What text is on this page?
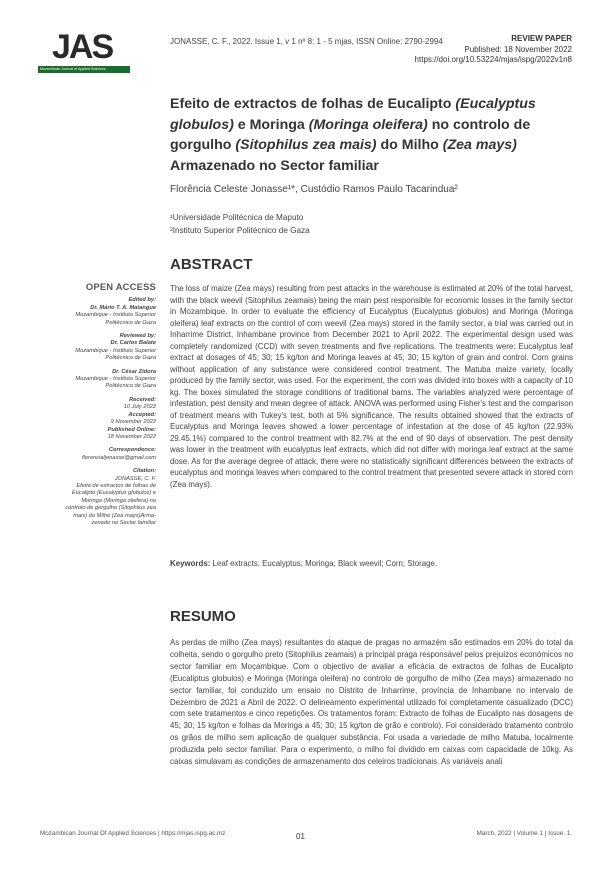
JAS
Mozambican Journal of Applied Sciences
JONASSE, C. F., 2022. Issue 1, v 1 nº 8: 1 - 5 mjas, ISSN Online: 2790-2994	REVIEW PAPER
Published: 18 November 2022
https://doi.org/10.53224/mjas/ispg/2022v1n8
Efeito de extractos de folhas de Eucalipto (Eucalyptus globulos) e Moringa (Moringa oleifera) no controlo de gorgulho (Sitophilus zea mais) do Milho (Zea mays) Armazenado no Sector familiar
Florência Celeste Jonasse¹*, Custódio Ramos Paulo Tacarindua²
¹Universidade Politécnica de Maputo
²Instituto Superior Politécnico de Gaza
ABSTRACT
The loss of maize (Zea mays) resulting from pest attacks in the warehouse is estimated at 20% of the total harvest, with the black weevil (Sitophilus zeamais) being the main pest responsible for economic losses in the family sector in Mozambique. In order to evaluate the efficiency of Eucalyptus (Eucalyptus globulos) and Moringa (Moringa oleifera) leaf extracts on the control of corn weevil (Zea mays) stored in the family sector, a trial was carried out in Inharrime District, Inhambane province from December 2021 to April 2022. The experimental design used was completely randomized (CCD) with seven treatments and five replications. The treatments were: Eucalyptus leaf extract at dosages of 45; 30; 15 kg/ton and Moringa leaves at 45; 30; 15 kg/ton of grain and control. Corn grains without application of any substance were considered control treatment. The Matuba maize variety, locally produced by the family sector, was used. For the experiment, the corn was divided into boxes with a capacity of 10 kg. The boxes simulated the storage conditions of traditional barns. The variables analyzed were percentage of infestation, pest density and mean degree of attack. ANOVA was performed using Fisher's test and the comparison of treatment means with Tukey's test, both at 5% significance. The results obtained showed that the extracts of Eucalyptus and Moringa leaves showed a lower percentage of infestation at the dose of 45 kg/ton (22.93% 29.45.1%) compared to the control treatment with 82.7% at the end of 90 days of observation. The pest density was lower in the treatment with eucalyptus leaf extracts, which did not differ with moringa leaf extract at the same dose. As for the average degree of attack, there were no statistically significant differences between the extracts of eucalyptus and moringa leaves when compared to the control treatment that presented severe attack in stored corn (Zea mays).
Keywords: Leaf extracts; Eucalyptus; Moringa; Black weevil; Corn; Storage.
RESUMO
As perdas de milho (Zea mays) resultantes do ataque de pragas no armazém são estimados em 20% do total da colheita, sendo o gorgulho preto (Sitophilus zeamais) a principal praga responsável pelos prejuízos económicos no sector familiar em Moçambique. Com o objectivo de avaliar a eficácia de extractos de folhas de Eucalipto (Eucaliptus globulos) e Moringa (Moringa oleifera) no controlo de gorgulho de milho (Zea mays) armazenado no sector familiar, foi conduzido um ensaio no Distrito de Inharrime, província de Inhambane no intervalo de Dezembro de 2021 a Abril de 2022. O delineamento experimental utilizado foi completamente casualizado (DCC) com sete tratamentos e cinco repetições. Os tratamentos foram: Extracto de folhas de Eucalipto nas dosagens de 45; 30; 15 kg/ton e folhas da Moringa a 45; 30; 15 kg/ton de grão e controlo). Foi considerado tratamento controlo os grãos de milho sem aplicação de qualquer substância. Foi usada a variedade de milho Matuba, localmente produzida pelo sector familiar. Para o experimento, o milho foi dividido em caixas com capacidade de 10kg. As caixas simulavam as condições de armazenamento dos celeiros tradicionais. As variáveis anali
OPEN ACCESS
Edited by:
Dr. Mário T. A. Matangue
Mozambique - Instituto Superior
Politécnico de Gaza
Reviewed by:
Dr. Carlos Balate
Mozambique - Instituto Superior
Politécnico de Gaza
Dr. César Zidora
Mozambique - Instituto Superior
Politécnico de Gaza
Received:
10 July 2022
Accepted:
9 November 2022
Published Online:
18 November 2022
Correspondence:
florencialjonasse@gmail.com
Citation:
JONASSE, C. F.
Efeito de extractos de folhas de
Eucalipto (Eucalyptus globulos) e
Moringa (Moringa oleifera) no
controlo de gorgulho (Sitophilus zea
mais) do Milho (Zea mays)Arma-
zenado no Sector familiar
Mozambican Journal Of Applied Sciences | https://mjas.ispg.ac.mz	01	March, 2022 | Volume 1 | Issue. 1.
